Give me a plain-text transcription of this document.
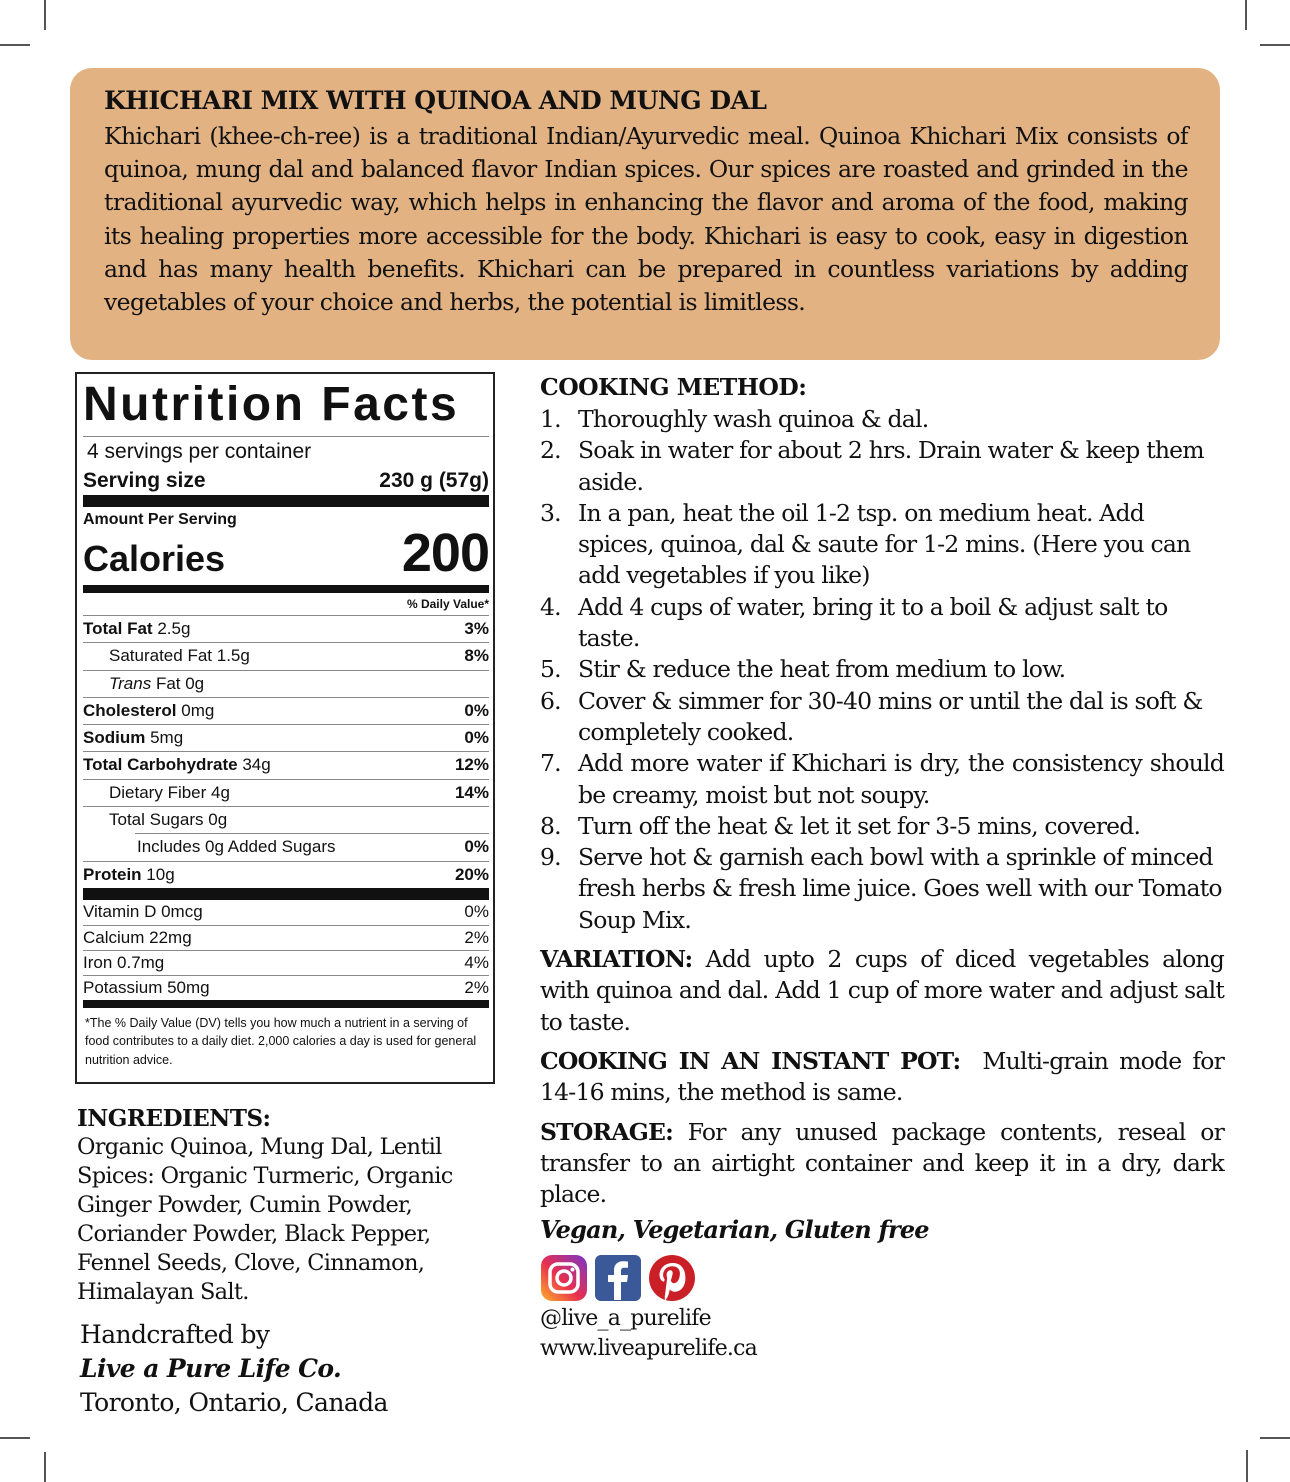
KHICHARI MIX WITH QUINOA AND MUNG DAL
Khichari (khee-ch-ree) is a traditional Indian/Ayurvedic meal. Quinoa Khichari Mix consists of quinoa, mung dal and balanced flavor Indian spices. Our spices are roasted and grinded in the traditional ayurvedic way, which helps in enhancing the flavor and aroma of the food, making its healing properties more accessible for the body. Khichari is easy to cook, easy in digestion and has many health benefits. Khichari can be prepared in countless variations by adding vegetables of your choice and herbs, the potential is limitless.
Nutrition Facts
4 servings per container
Serving size	230 g (57g)
Amount Per Serving
Calories	200
% Daily Value*
Total Fat 2.5g	3%
Saturated Fat 1.5g	8%
Trans Fat 0g
Cholesterol 0mg	0%
Sodium 5mg	0%
Total Carbohydrate 34g	12%
Dietary Fiber 4g	14%
Total Sugars 0g
Includes 0g Added Sugars	0%
Protein 10g	20%
Vitamin D 0mcg	0%
Calcium 22mg	2%
Iron 0.7mg	4%
Potassium 50mg	2%
*The % Daily Value (DV) tells you how much a nutrient in a serving of food contributes to a daily diet. 2,000 calories a day is used for general nutrition advice.
INGREDIENTS:
Organic Quinoa, Mung Dal, Lentil Spices: Organic Turmeric, Organic Ginger Powder, Cumin Powder, Coriander Powder, Black Pepper, Fennel Seeds, Clove, Cinnamon, Himalayan Salt.
Handcrafted by
Live a Pure Life Co.
Toronto, Ontario, Canada
COOKING METHOD:
1. Thoroughly wash quinoa & dal.
2. Soak in water for about 2 hrs. Drain water & keep them aside.
3. In a pan, heat the oil 1-2 tsp. on medium heat. Add spices, quinoa, dal & saute for 1-2 mins. (Here you can add vegetables if you like)
4. Add 4 cups of water, bring it to a boil & adjust salt to taste.
5. Stir & reduce the heat from medium to low.
6. Cover & simmer for 30-40 mins or until the dal is soft & completely cooked.
7. Add more water if Khichari is dry, the consistency should be creamy, moist but not soupy.
8. Turn off the heat & let it set for 3-5 mins, covered.
9. Serve hot & garnish each bowl with a sprinkle of minced fresh herbs & fresh lime juice. Goes well with our Tomato Soup Mix.
VARIATION: Add upto 2 cups of diced vegetables along with quinoa and dal. Add 1 cup of more water and adjust salt to taste.
COOKING IN AN INSTANT POT:  Multi-grain mode for 14-16 mins, the method is same.
STORAGE: For any unused package contents, reseal or transfer to an airtight container and keep it in a dry, dark place.
Vegan, Vegetarian, Gluten free
@live_a_purelife
www.liveapurelife.ca
